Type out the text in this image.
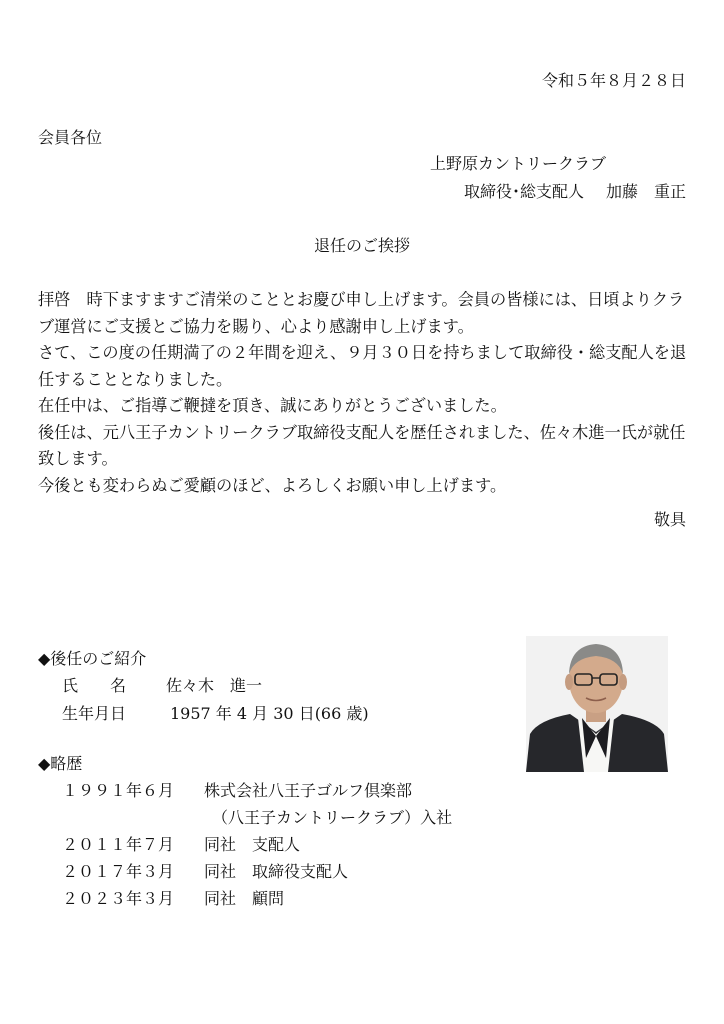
令和５年８月２８日
会員各位
上野原カントリークラブ
取締役･総支配人 加藤　重正
退任のご挨拶

拝啓　時下ますますご清栄のこととお慶び申し上げます。会員の皆様には、日頃よりクラブ運営にご支援とご協力を賜り、心より感謝申し上げます。

さて、この度の任期満了の２年間を迎え、９月３０日を持ちまして取締役・総支配人を退任することとなりました。

在任中は、ご指導ご鞭撻を頂き、誠にありがとうございました。

後任は、元八王子カントリークラブ取締役支配人を歴任されました、佐々木進一氏が就任致します。

今後とも変わらぬご愛顧のほど、よろしくお願い申し上げます。

敬具
◆後任のご紹介
氏　　名 佐々木　進一
生年月日	1957 年 4 月 30 日(66 歳)
◆略歴
１９９１年６月 株式会社八王子ゴルフ倶楽部
（八王子カントリークラブ）入社
２０１１年７月 同社　支配人
２０１７年３月 同社　取締役支配人
２０２３年３月 同社　顧問
